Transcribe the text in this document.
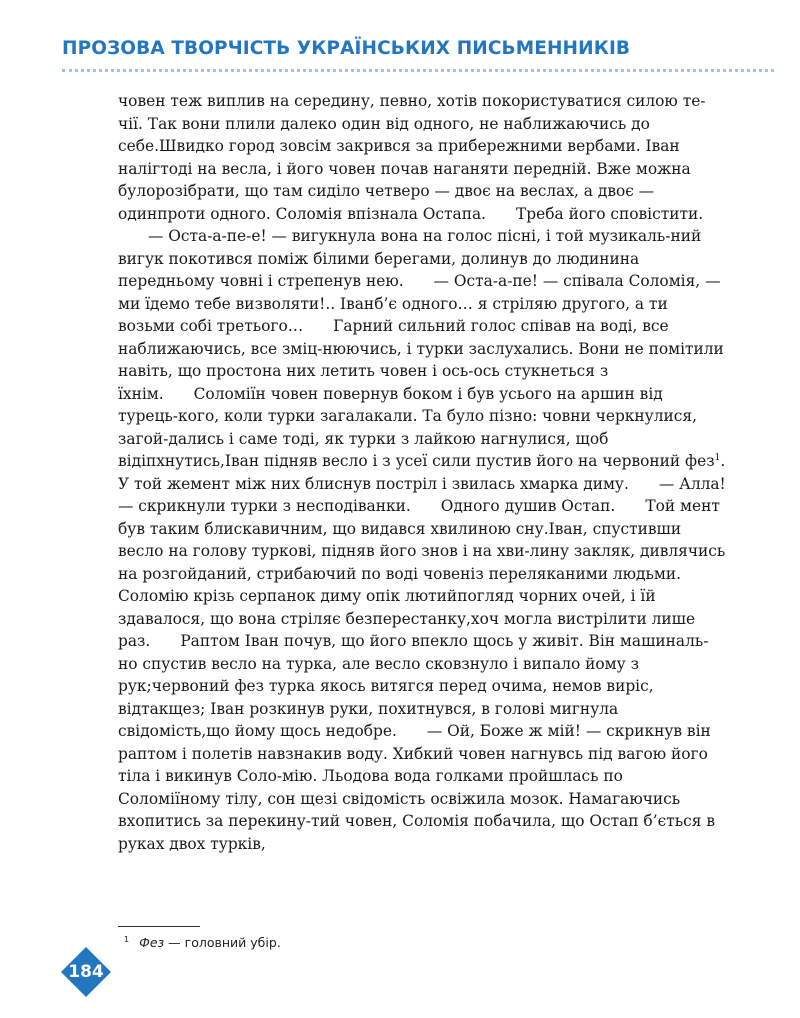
ПРОЗОВА ТВОРЧІСТЬ УКРАЇНСЬКИХ ПИСЬМЕННИКІВ
човен теж виплив на середину, певно, хотів покористуватися силою те-чії. Так вони плили далеко один від одного, не наближаючись до себе.Швидко город зовсім закрився за прибережними вербами. Іван налігтоді на весла, і його човен почав наганяти передній. Вже можна булорозібрати, що там сиділо четверо — двоє на веслах, а двоє — одинпроти одного. Соломія впізнала Остапа. Треба його сповістити.— Оста-а-пе-е! — вигукнула вона на голос пісні, і той музикаль-ний вигук покотився поміж білими берегами, долинув до людинина передньому човні і стрепенув нею. — Оста-а-пе! — співала Соломія, — ми їдемо тебе визволяти!.. Іванб’є одного… я стріляю другого, а ти возьми собі третього… Гарний сильний голос співав на воді, все наближаючись, все зміц-нюючись, і турки заслухались. Вони не помітили навіть, що простона них летить човен і ось-ось стукнеться з їхнім. Соломіїн човен повернув боком і був усього на аршин від турець-кого, коли турки загалакали. Та було пізно: човни черкнулися, загой-дались і саме тоді, як турки з лайкою нагнулися, щоб відіпхнутись,Іван підняв весло і з усеї сили пустив його на червоний фез$^1$. У той жемент між них блиснув постріл і звилась хмарка диму. — Алла! — скрикнули турки з несподіванки. Одного душив Остап. Той мент був таким блискавичним, що видався хвилиною сну.Іван, спустивши весло на голову туркові, підняв його знов і на хви-лину закляк, дивлячись на розгойданий, стрибаючий по воді човеніз переляканими людьми. Соломію крізь серпанок диму опік лютийпогляд чорних очей, і їй здавалося, що вона стріляє безперестанку,хоч могла вистрілити лише раз. Раптом Іван почув, що його впекло щось у живіт. Він машиналь-но спустив весло на турка, але весло сковзнуло і випало йому з рук;червоний фез турка якось витягся перед очима, немов виріс, відтакщез; Іван розкинув руки, похитнувся, в голові мигнула свідомість,що йому щось недобре. — Ой, Боже ж мій! — скрикнув він раптом і полетів навзнакив воду. Хибкий човен нагнувсь під вагою його тіла і викинув Соло-мію. Льодова вода голками пройшлась по Соломіїному тілу, сон щезі свідомість освіжила мозок. Намагаючись вхопитись за перекину-тий човен, Соломія побачила, що Остап б’ється в руках двох турків,
$^1$ Фез — головний убір.
184
